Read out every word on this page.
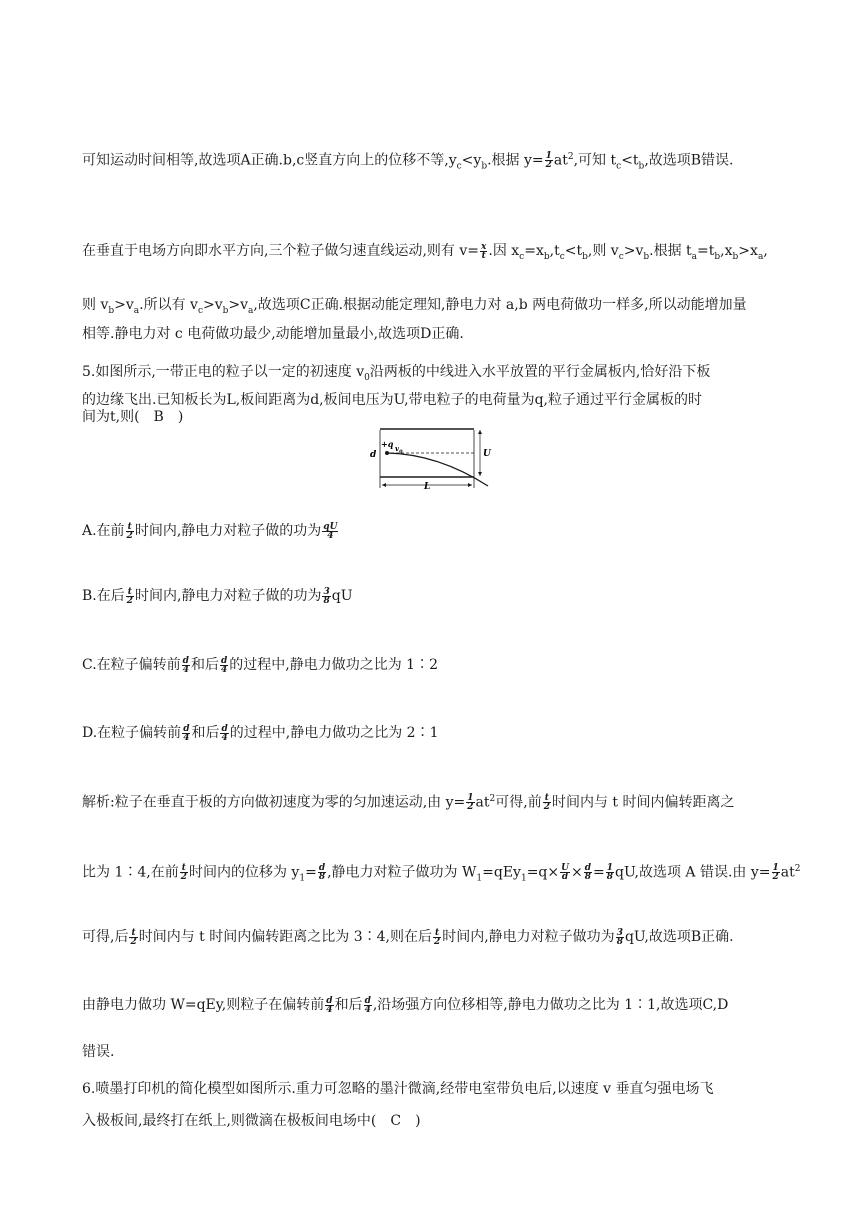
可知运动时间相等,故选项A正确.b,c竖直方向上的位移不等$,y_c<y_b$.根据 $y= \frac{1}{2} at^2$,可知 $t_c<t_b$,故选项B错误.
在垂直于电场方向即水平方向,三个粒子做匀速直线运动,则有 $v= \frac{x}{t}$ .因 $x_c=x_b,t_c<t_b$,则 $v_c>v_b$.根据 $t_a=t_b,x_b>x_a$,
则 $v_b>v_a$.所以有 $v_c>v_b>v_a$,故选项C正确.根据动能定理知,静电力对 a,b 两电荷做功一样多,所以动能增加量
相等.静电力对 c 电荷做功最少,动能增加量最小,故选项D正确.
5.如图所示,一带正电的粒子以一定的初速度 $v_0$沿两板的中线进入水平放置的平行金属板内,恰好沿下板
的边缘飞出.已知板长为L,板间距离为d,板间电压为U,带电粒子的电荷量为q,粒子通过平行金属板的时
间为t,则(　B　)
+q $v_0$
d	U
L
A.在前 $\frac{t}{2}$ 时间内,静电力对粒子做的功为 $\frac{qU}{4}$
B.在后 $\frac{t}{2}$ 时间内,静电力对粒子做的功为 $\frac{3}{8}$ qU
C.在粒子偏转前 $\frac{d}{4}$ 和后 $\frac{d}{4}$ 的过程中,静电力做功之比为 1∶2
D.在粒子偏转前 $\frac{d}{4}$ 和后 $\frac{d}{4}$ 的过程中,静电力做功之比为 2∶1
解析:粒子在垂直于板的方向做初速度为零的匀加速运动,由 $y= \frac{1}{2} at^2$可得,前 $\frac{t}{2}$ 时间内与 t 时间内偏转距离之
比为 1∶4,在前 $\frac{t}{2}$ 时间内的位移为 $y_1= \frac{d}{8}$ ,静电力对粒子做功为 $W_1=qEy_1=q\times \frac{U}{d} \times \frac{d}{8} = \frac{1}{8}$ qU,故选项 A 错误.由 $y= \frac{1}{2} at^2$
可得,后 $\frac{t}{2}$ 时间内与 t 时间内偏转距离之比为 3∶4,则在后 $\frac{t}{2}$ 时间内,静电力对粒子做功为 $\frac{3}{8}$ qU,故选项B正确.
由静电力做功 W=qEy,则粒子在偏转前 $\frac{d}{4}$ 和后 $\frac{d}{4}$ ,沿场强方向位移相等,静电力做功之比为 1∶1,故选项C,D
错误.
6.喷墨打印机的简化模型如图所示.重力可忽略的墨汁微滴,经带电室带负电后,以速度 v 垂直匀强电场飞
入极板间,最终打在纸上,则微滴在极板间电场中(　C　)
